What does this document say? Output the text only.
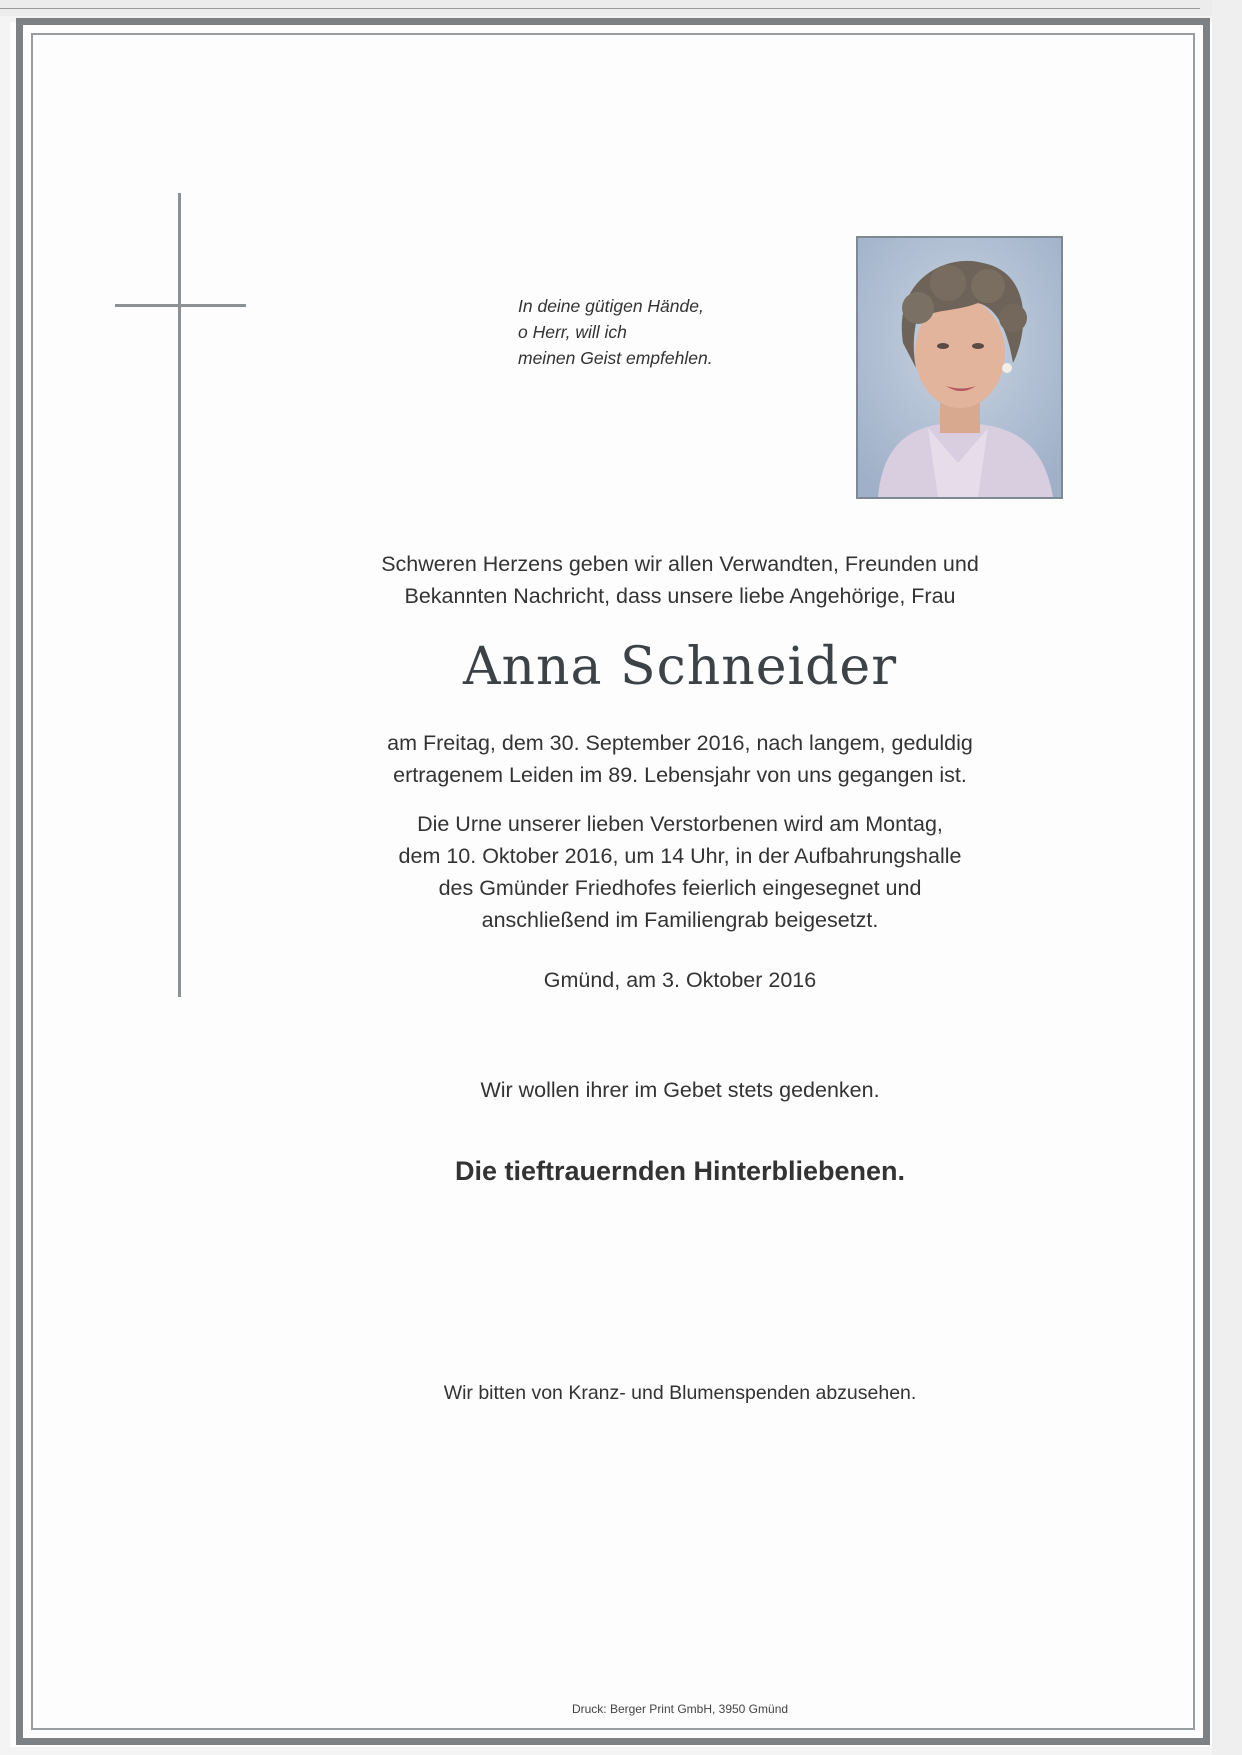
In deine gütigen Hände,
o Herr, will ich
meinen Geist empfehlen.
Schweren Herzens geben wir allen Verwandten, Freunden und
Bekannten Nachricht, dass unsere liebe Angehörige, Frau
Anna Schneider
am Freitag, dem 30. September 2016, nach langem, geduldig
ertragenem Leiden im 89. Lebensjahr von uns gegangen ist.
Die Urne unserer lieben Verstorbenen wird am Montag,
dem 10. Oktober 2016, um 14 Uhr, in der Aufbahrungshalle
des Gmünder Friedhofes feierlich eingesegnet und
anschließend im Familiengrab beigesetzt.
Gmünd, am 3. Oktober 2016
Wir wollen ihrer im Gebet stets gedenken.
Die tieftrauernden Hinterbliebenen.
Wir bitten von Kranz- und Blumenspenden abzusehen.
Druck: Berger Print GmbH, 3950 Gmünd
